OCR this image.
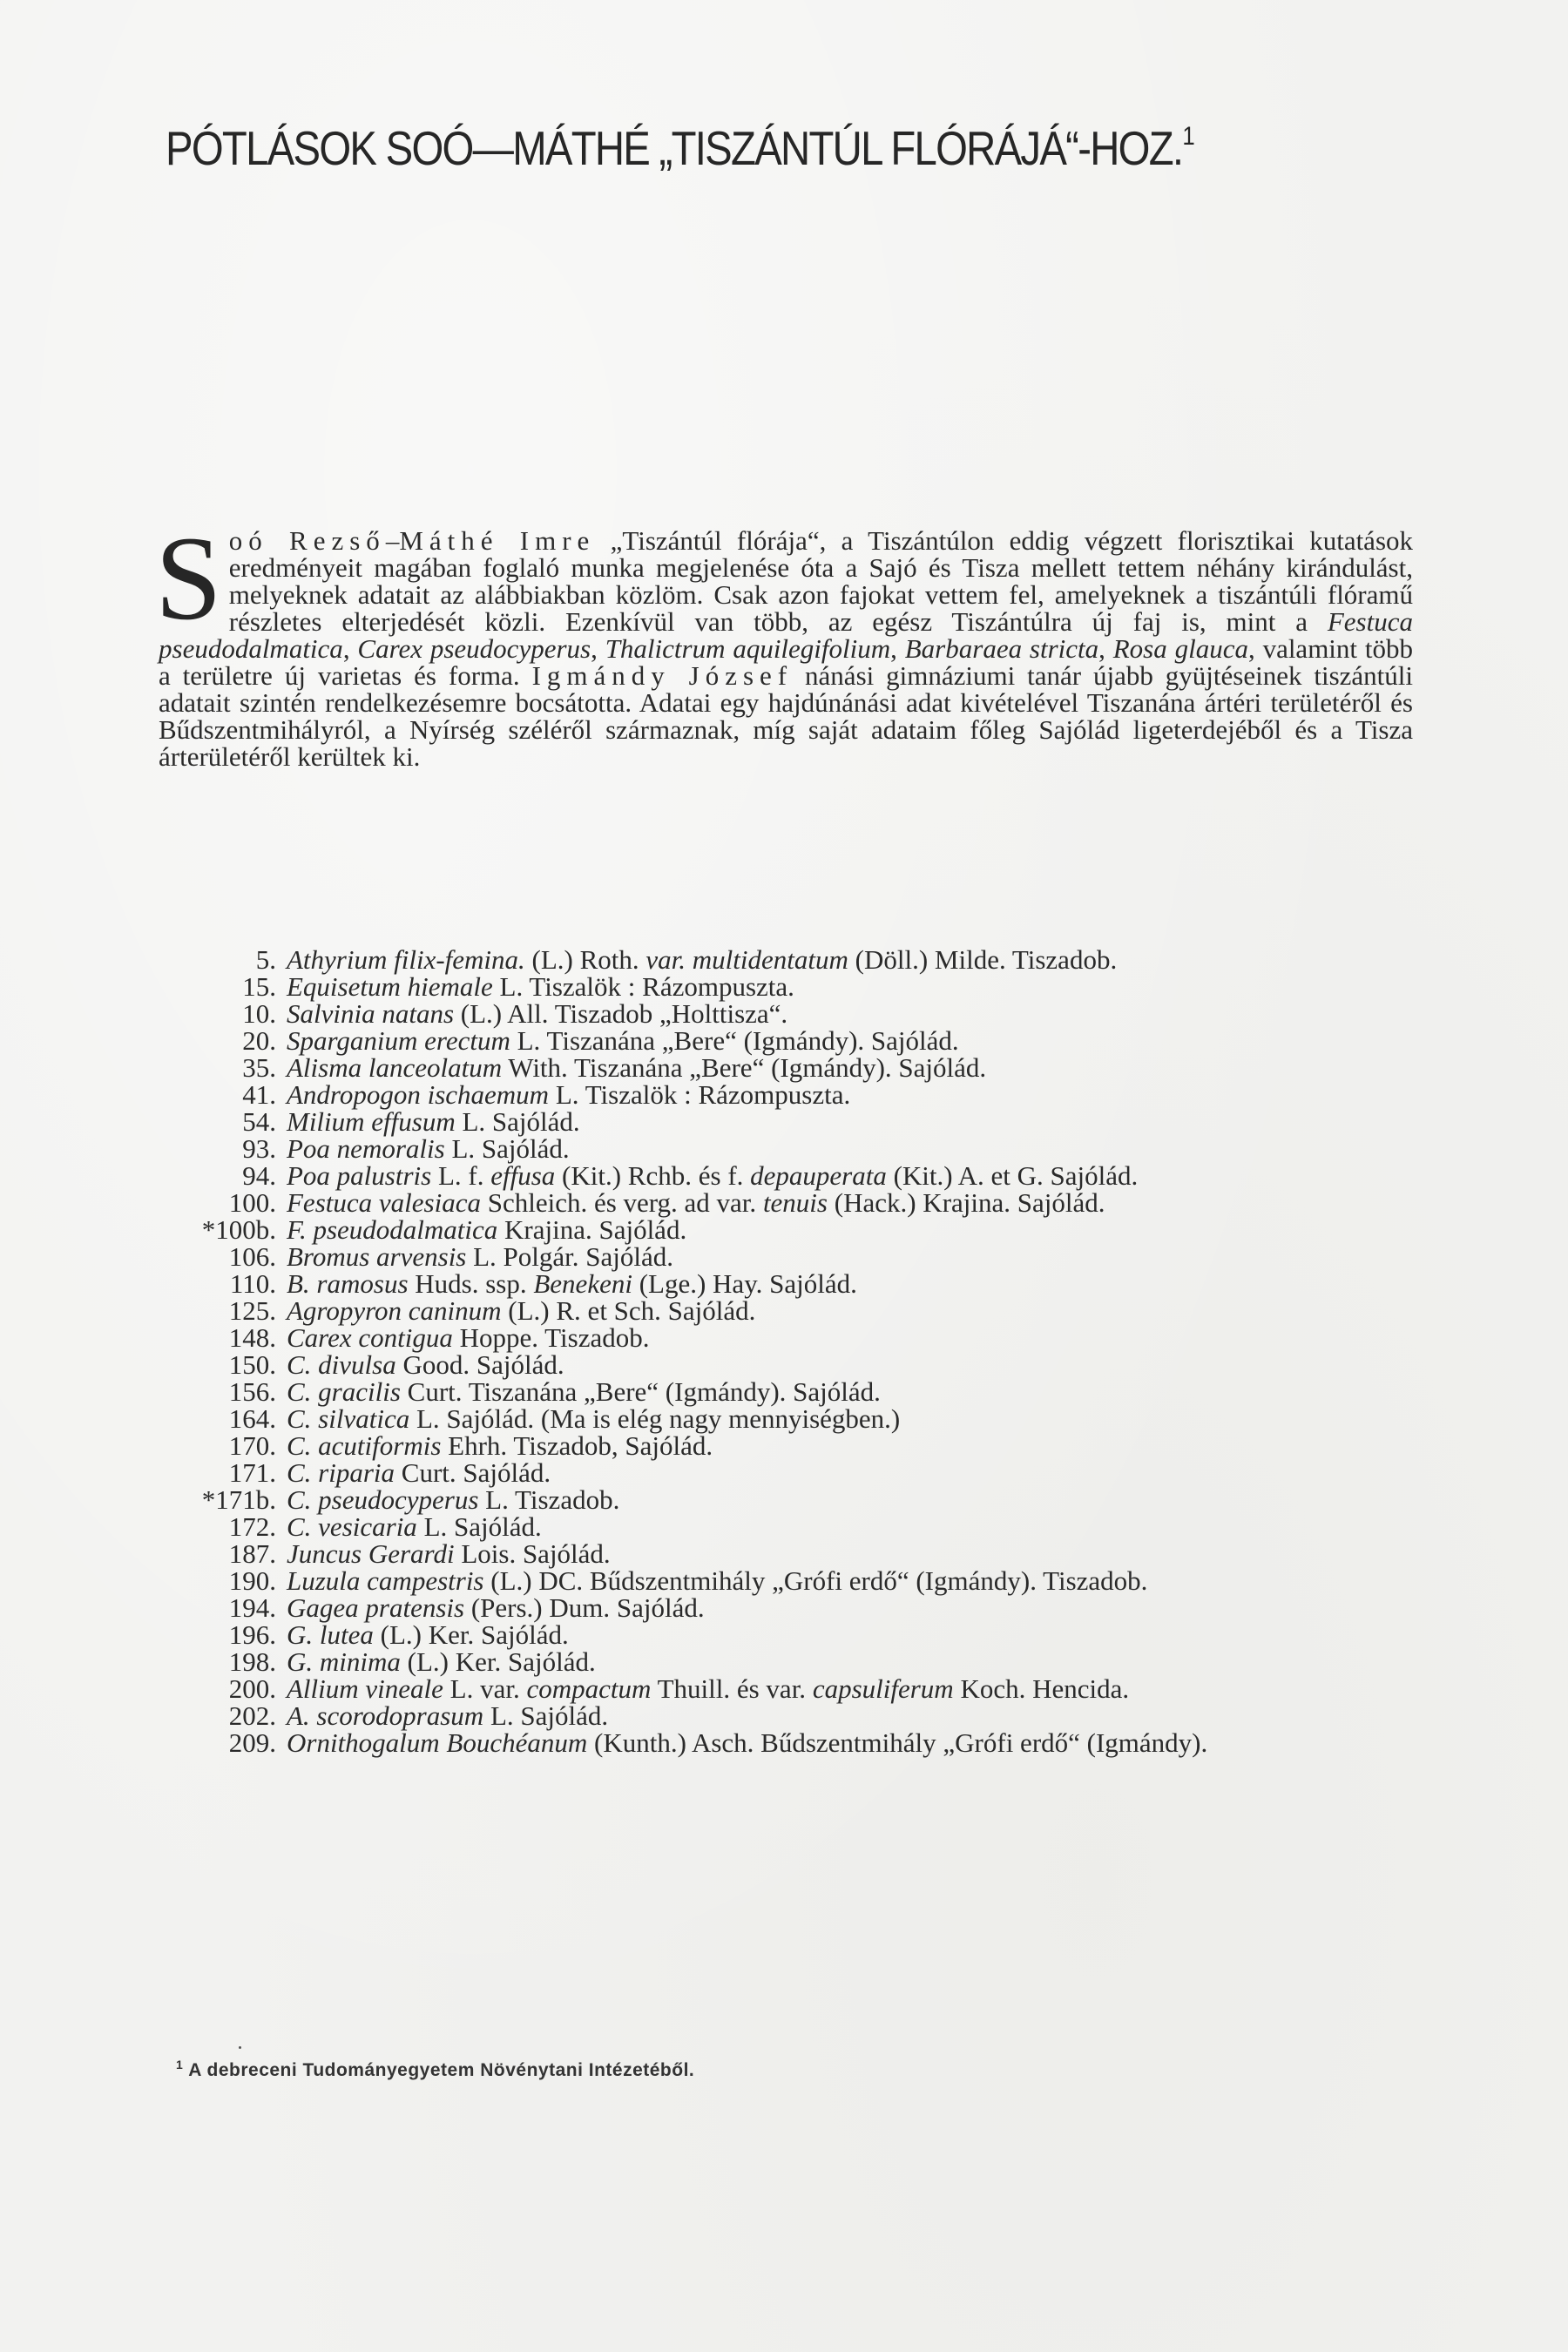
PÓTLÁSOK SOÓ—MÁTHÉ „TISZÁNTÚL FLÓRÁJÁ“-HOZ.$^1$
S oó Rezső–Máthé Imre „Tiszántúl flórája“, a Tiszántúlon eddig végzett florisztikai kutatások eredményeit magában foglaló munka megjelenése óta a Sajó és Tisza mellett tettem néhány kirándulást, melyeknek adatait az alábbiakban közlöm. Csak azon fajokat vettem fel, amelyeknek a tiszántúli flóramű részletes elterjedését közli. Ezenkívül van több, az egész Tiszántúlra új faj is, mint a Festuca pseudodalmatica, Carex pseudocyperus, Thalictrum aquilegifolium, Barbaraea stricta, Rosa glauca, valamint több a területre új varietas és forma. Igmándy József nánási gimnáziumi tanár újabb gyüjtéseinek tiszántúli adatait szintén rendelkezésemre bocsátotta. Adatai egy hajdúnánási adat kivételével Tiszanána ártéri területéről és Bűdszentmihályról, a Nyírség széléről származnak, míg saját adataim főleg Sajólád ligeterdejéből és a Tisza árterületéről kerültek ki.

5. Athyrium filix-femina. (L.) Roth. var. multidentatum (Döll.) Milde. Tiszadob.
15. Equisetum hiemale L. Tiszalök : Rázompuszta.
10. Salvinia natans (L.) All. Tiszadob „Holttisza“.
20. Sparganium erectum L. Tiszanána „Bere“ (Igmándy). Sajólád.
35. Alisma lanceolatum With. Tiszanána „Bere“ (Igmándy). Sajólád.
41. Andropogon ischaemum L. Tiszalök : Rázompuszta.
54. Milium effusum L. Sajólád.
93. Poa nemoralis L. Sajólád.
94. Poa palustris L. f. effusa (Kit.) Rchb. és f. depauperata (Kit.) A. et G. Sajólád.
100. Festuca valesiaca Schleich. és verg. ad var. tenuis (Hack.) Krajina. Sajólád.
*100b. F. pseudodalmatica Krajina. Sajólád.
106. Bromus arvensis L. Polgár. Sajólád.
110. B. ramosus Huds. ssp. Benekeni (Lge.) Hay. Sajólád.
125. Agropyron caninum (L.) R. et Sch. Sajólád.
148. Carex contigua Hoppe. Tiszadob.
150. C. divulsa Good. Sajólád.
156. C. gracilis Curt. Tiszanána „Bere“ (Igmándy). Sajólád.
164. C. silvatica L. Sajólád. (Ma is elég nagy mennyiségben.)
170. C. acutiformis Ehrh. Tiszadob, Sajólád.
171. C. riparia Curt. Sajólád.
*171b. C. pseudocyperus L. Tiszadob.
172. C. vesicaria L. Sajólád.
187. Juncus Gerardi Lois. Sajólád.
190. Luzula campestris (L.) DC. Bűdszentmihály „Grófi erdő“ (Igmándy). Tiszadob.
194. Gagea pratensis (Pers.) Dum. Sajólád.
196. G. lutea (L.) Ker. Sajólád.
198. G. minima (L.) Ker. Sajólád.
200. Allium vineale L. var. compactum Thuill. és var. capsuliferum Koch. Hencida.
202. A. scorodoprasum L. Sajólád.
209. Ornithogalum Bouchéanum (Kunth.) Asch. Bűdszentmihály „Grófi erdő“ (Igmándy).
$^1$ A debreceni Tudományegyetem Növénytani Intézetéből.
